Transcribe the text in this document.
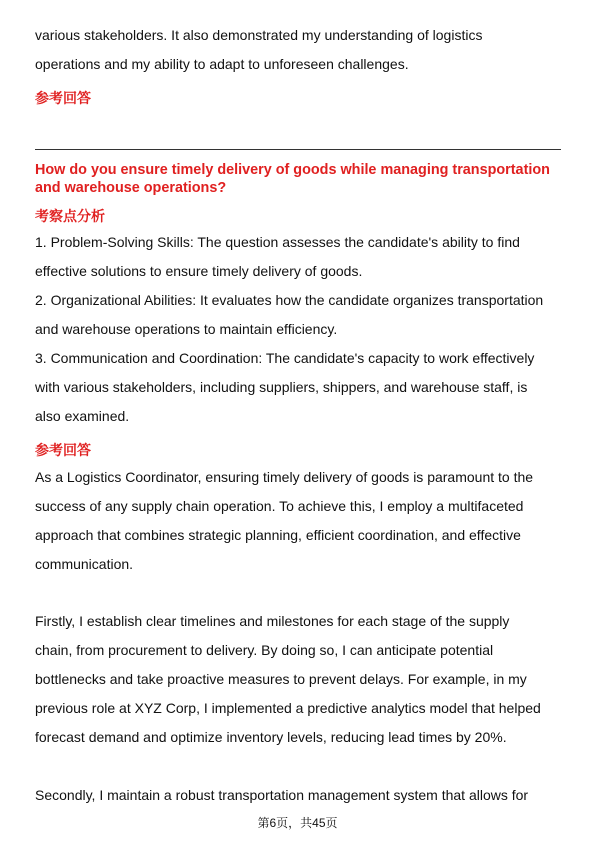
various stakeholders. It also demonstrated my understanding of logistics
operations and my ability to adapt to unforeseen challenges.
参考回答
How do you ensure timely delivery of goods while managing transportation
and warehouse operations?
考察点分析
1. Problem-Solving Skills: The question assesses the candidate's ability to find
effective solutions to ensure timely delivery of goods.
2. Organizational Abilities: It evaluates how the candidate organizes transportation
and warehouse operations to maintain efficiency.
3. Communication and Coordination: The candidate's capacity to work effectively
with various stakeholders, including suppliers, shippers, and warehouse staff, is
also examined.
参考回答
As a Logistics Coordinator, ensuring timely delivery of goods is paramount to the
success of any supply chain operation. To achieve this, I employ a multifaceted
approach that combines strategic planning, efficient coordination, and effective
communication.
Firstly, I establish clear timelines and milestones for each stage of the supply
chain, from procurement to delivery. By doing so, I can anticipate potential
bottlenecks and take proactive measures to prevent delays. For example, in my
previous role at XYZ Corp, I implemented a predictive analytics model that helped
forecast demand and optimize inventory levels, reducing lead times by 20%.
Secondly, I maintain a robust transportation management system that allows for
第6页，共45页
